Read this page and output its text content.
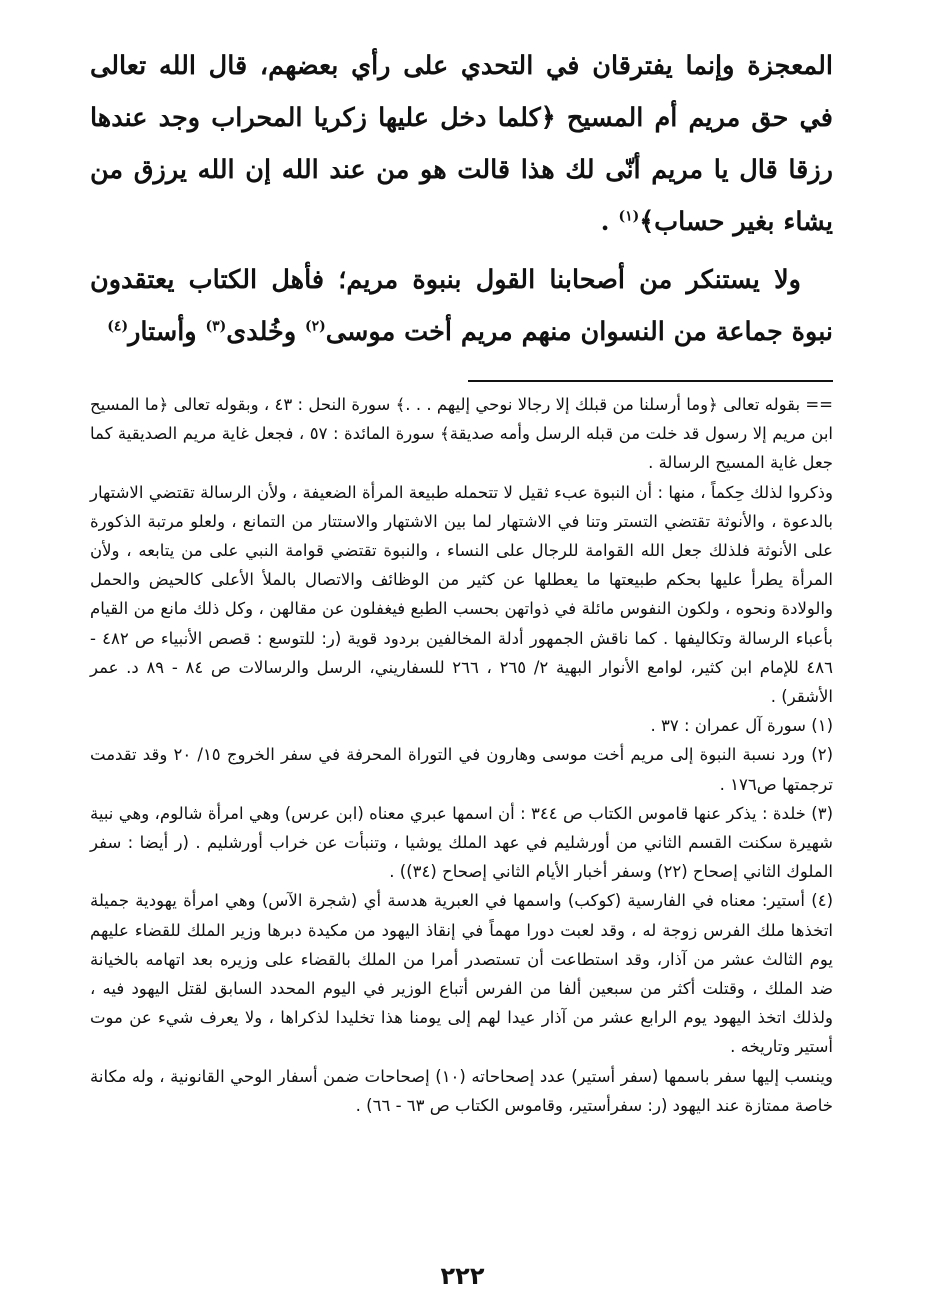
المعجزة وإنما يفترقان في التحدي على رأي بعضهم، قال الله تعالى في حق مريم أم المسيح ﴿كلما دخل عليها زكريا المحراب وجد عندها رزقا قال يا مريم أنّى لك هذا قالت هو من عند الله إن الله يرزق من يشاء بغير حساب﴾$^{(١)}$ .

ولا يستنكر من أصحابنا القول بنبوة مريم؛ فأهل الكتاب يعتقدون نبوة جماعة من النسوان منهم مريم أخت موسى$^{(٢)}$ وخُلدى$^{(٣)}$ وأستار$^{(٤)}$

== بقوله تعالى ﴿وما أرسلنا من قبلك إلا رجالا نوحي إليهم . . .﴾ سورة النحل : ٤٣ ، وبقوله تعالى ﴿ما المسيح ابن مريم إلا رسول قد خلت من قبله الرسل وأمه صديقة﴾ سورة المائدة : ٥٧ ، فجعل غاية مريم الصديقية كما جعل غاية المسيح الرسالة .

وذكروا لذلك حِكماً ، منها : أن النبوة عبء ثقيل لا تتحمله طبيعة المرأة الضعيفة ، ولأن الرسالة تقتضي الاشتهار بالدعوة ، والأنوثة تقتضي التستر وتنا في الاشتهار لما بين الاشتهار والاستتار من التمانع ، ولعلو مرتبة الذكورة على الأنوثة فلذلك جعل الله القوامة للرجال على النساء ، والنبوة تقتضي قوامة النبي على من يتابعه ، ولأن المرأة يطرأ عليها بحكم طبيعتها ما يعطلها عن كثير من الوظائف والاتصال بالملأ الأعلى كالحيض والحمل والولادة ونحوه ، ولكون النفوس مائلة في ذواتهن بحسب الطبع فيغفلون عن مقالهن ، وكل ذلك مانع من القيام بأعباء الرسالة وتكاليفها . كما ناقش الجمهور أدلة المخالفين بردود قوية (ر: للتوسع : قصص الأنبياء ص ٤٨٢ - ٤٨٦ للإمام ابن كثير، لوامع الأنوار البهية ٢/ ٢٦٥ ، ٢٦٦ للسفاريني، الرسل والرسالات ص ٨٤ - ٨٩ د. عمر الأشقر) .

(١) سورة آل عمران : ٣٧ .

(٢) ورد نسبة النبوة إلى مريم أخت موسى وهارون في التوراة المحرفة في سفر الخروج ١٥/ ٢٠ وقد تقدمت ترجمتها ص١٧٦ .

(٣) خلدة : يذكر عنها قاموس الكتاب ص ٣٤٤ : أن اسمها عبري معناه (ابن عرس) وهي امرأة شالوم، وهي نبية شهيرة سكنت القسم الثاني من أورشليم في عهد الملك يوشيا ، وتنبأت عن خراب أورشليم . (ر أيضا : سفر الملوك الثاني إصحاح (٢٢) وسفر أخبار الأيام الثاني إصحاح (٣٤)) .

(٤) أستير: معناه في الفارسية (كوكب) واسمها في العبرية هدسة أي (شجرة الآس) وهي امرأة يهودية جميلة اتخذها ملك الفرس زوجة له ، وقد لعبت دورا مهماً في إنقاذ اليهود من مكيدة دبرها وزير الملك للقضاء عليهم يوم الثالث عشر من آذار، وقد استطاعت أن تستصدر أمرا من الملك بالقضاء على وزيره بعد اتهامه بالخيانة ضد الملك ، وقتلت أكثر من سبعين ألفا من الفرس أتباع الوزير في اليوم المحدد السابق لقتل اليهود فيه ، ولذلك اتخذ اليهود يوم الرابع عشر من آذار عيدا لهم إلى يومنا هذا تخليدا لذكراها ، ولا يعرف شيء عن موت أستير وتاريخه .

وينسب إليها سفر باسمها (سفر أستير) عدد إصحاحاته (١٠) إصحاحات ضمن أسفار الوحي القانونية ، وله مكانة خاصة ممتازة عند اليهود (ر: سفرأستير، وقاموس الكتاب ص ٦٣ - ٦٦) .

٢٢٢
